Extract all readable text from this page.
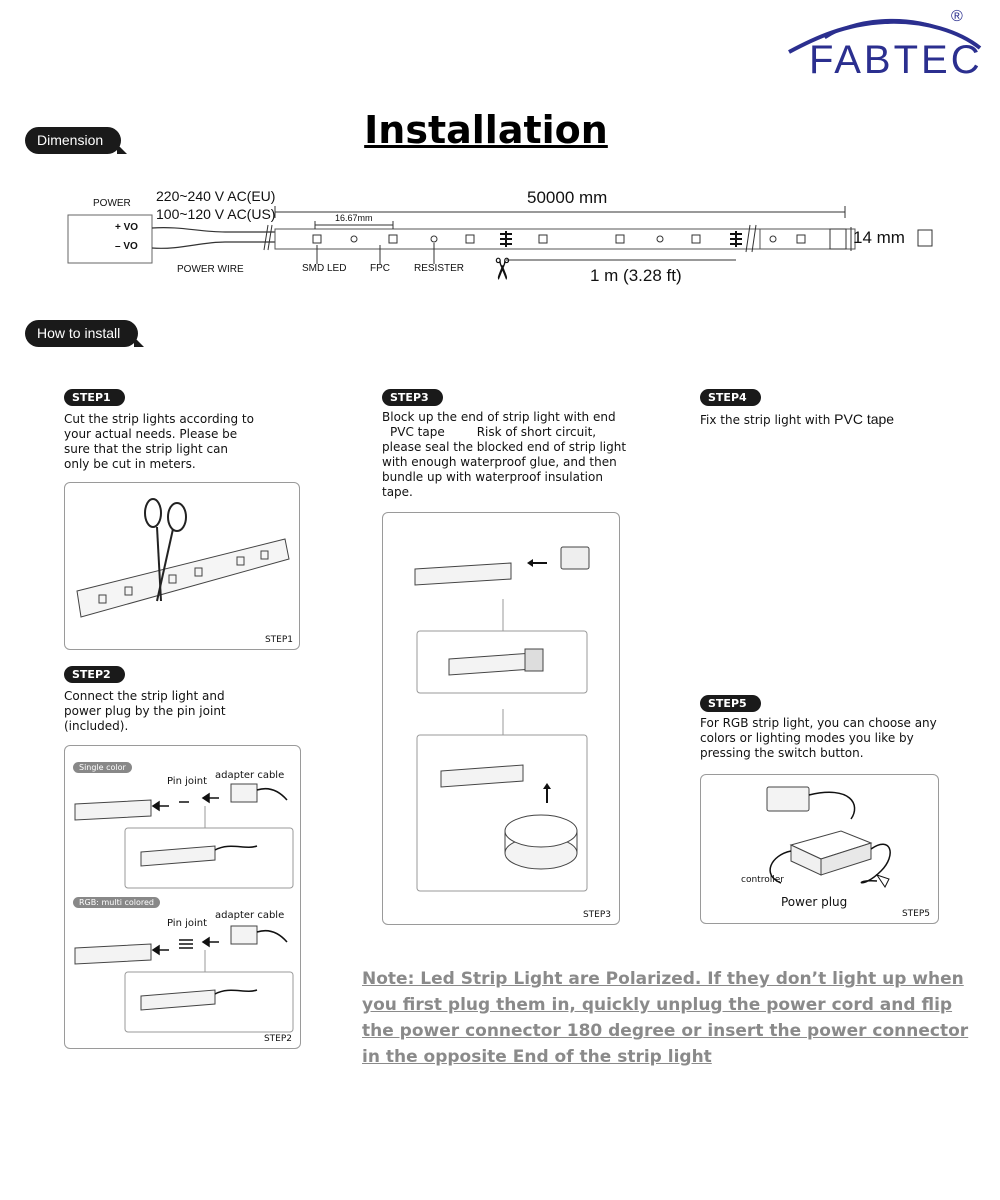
FABTEC
®
Installation
Dimension
✂
POWER
+ VO
– VO
220~240 V AC(EU)
100~120 V AC(US)
50000 mm
16.67mm
14 mm
1 m (3.28 ft)
POWER WIRE	SMD LED FPC RESISTER
How to install
STEP1
Cut the strip lights according to
your actual needs. Please be
sure that the strip light can
only be cut in meters.
STEP1
STEP2
Connect the strip light and
power plug by the pin joint
(included).
Single color
Pin joint
adapter cable
RGB: multi colored
Pin joint
adapter cable
STEP2
STEP3
Block up the end of strip light with end
PVC tape	Risk of short circuit,
please seal the blocked end of strip light
with enough waterproof glue, and then
bundle up with waterproof insulation
tape.
STEP3
STEP4
Fix the strip light with PVC tape
STEP5
For RGB strip light, you can choose any
colors or lighting modes you like by
pressing the switch button.
controller
Power plug
STEP5
Note: Led Strip Light are Polarized. If they don’t light up when you first plug them in, quickly unplug the power cord and flip the power connector 180 degree or insert the power connector in the opposite End of the strip light
